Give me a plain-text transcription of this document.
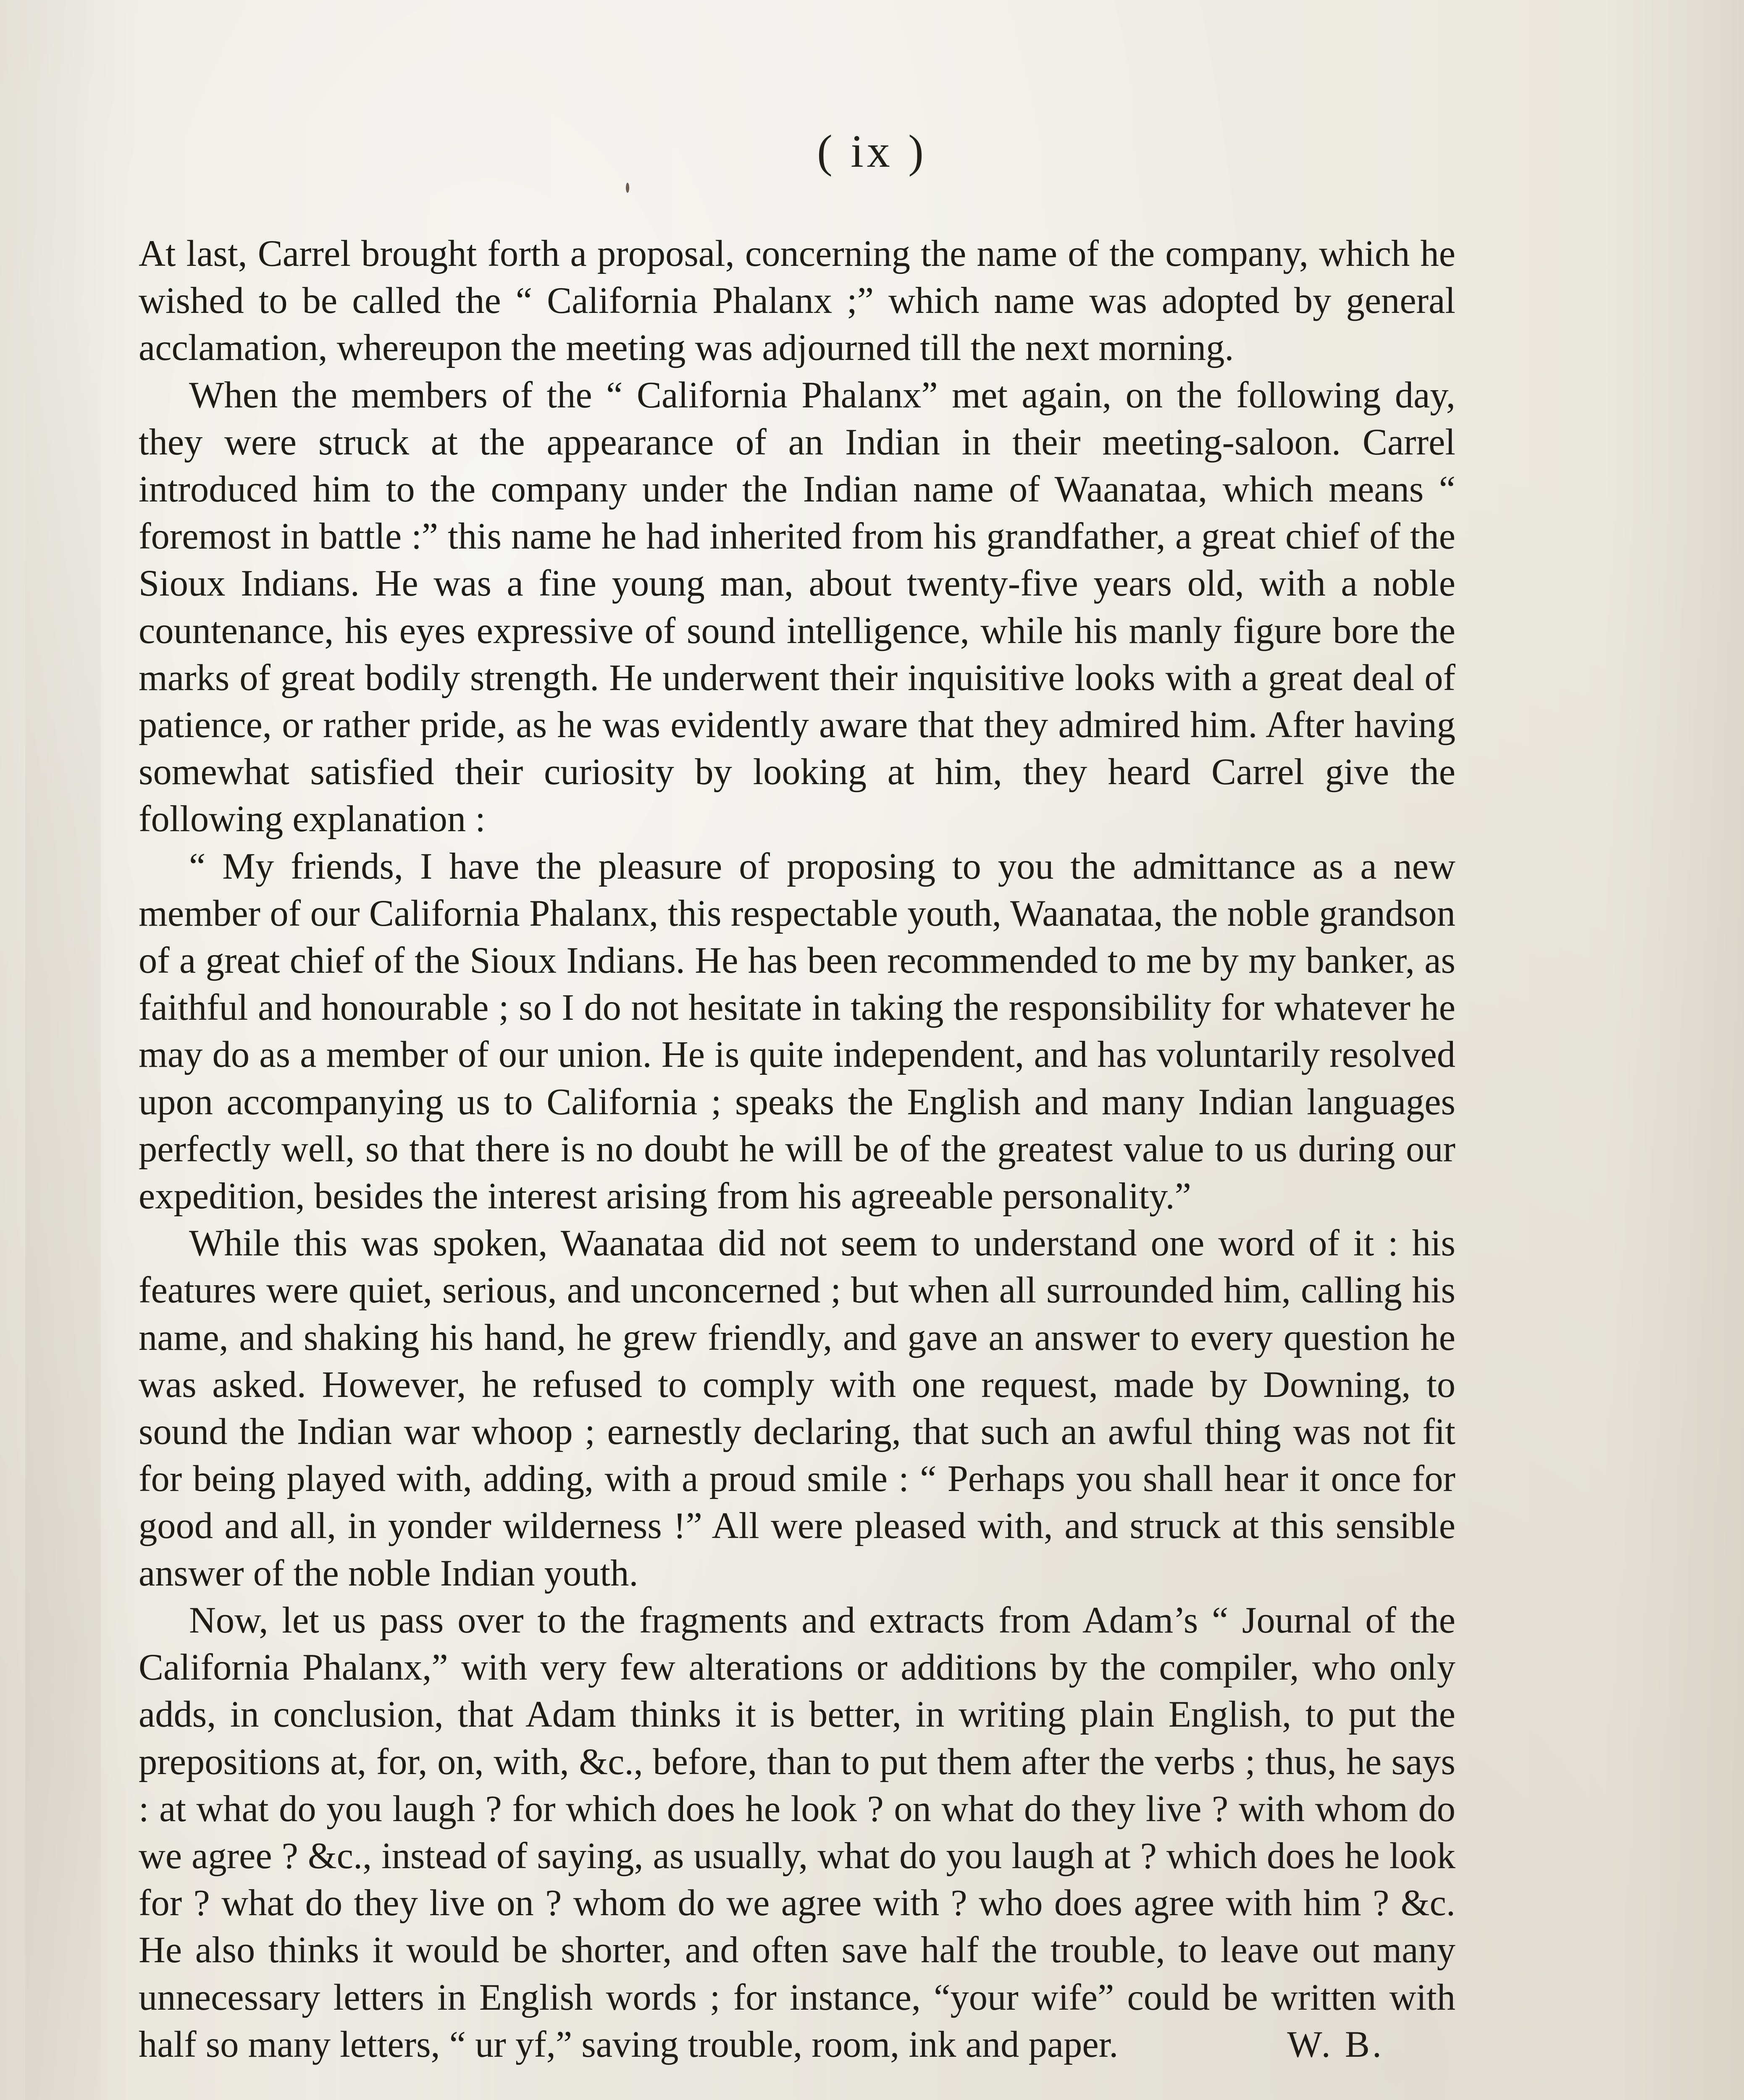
( ix )

At last, Carrel brought forth a proposal, concerning the name of the company, which he wished to be called the “ California Phalanx ;” which name was adopted by general acclamation, whereupon the meeting was adjourned till the next morning.

When the members of the “ California Phalanx” met again, on the following day, they were struck at the appearance of an Indian in their meeting-saloon. Carrel introduced him to the company under the Indian name of Waanataa, which means “ foremost in battle :” this name he had inherited from his grandfather, a great chief of the Sioux Indians. He was a fine young man, about twenty-five years old, with a noble countenance, his eyes expressive of sound intelligence, while his manly figure bore the marks of great bodily strength. He underwent their inquisitive looks with a great deal of patience, or rather pride, as he was evidently aware that they admired him. After having somewhat satisfied their curiosity by looking at him, they heard Carrel give the following explanation :

“ My friends, I have the pleasure of proposing to you the admittance as a new member of our California Phalanx, this respectable youth, Waanataa, the noble grandson of a great chief of the Sioux Indians. He has been recommended to me by my banker, as faithful and honourable ; so I do not hesitate in taking the responsibility for whatever he may do as a member of our union. He is quite independent, and has voluntarily resolved upon accompanying us to California ; speaks the English and many Indian languages perfectly well, so that there is no doubt he will be of the greatest value to us during our expedition, besides the interest arising from his agreeable personality.”

While this was spoken, Waanataa did not seem to understand one word of it : his features were quiet, serious, and unconcerned ; but when all surrounded him, calling his name, and shaking his hand, he grew friendly, and gave an answer to every question he was asked. However, he refused to comply with one request, made by Downing, to sound the Indian war whoop ; earnestly declaring, that such an awful thing was not fit for being played with, adding, with a proud smile : “ Perhaps you shall hear it once for good and all, in yonder wilderness !” All were pleased with, and struck at this sensible answer of the noble Indian youth.

Now, let us pass over to the fragments and extracts from Adam’s “ Journal of the California Phalanx,” with very few alterations or additions by the compiler, who only adds, in conclusion, that Adam thinks it is better, in writing plain English, to put the prepositions at, for, on, with, &c., before, than to put them after the verbs ; thus, he says : at what do you laugh ? for which does he look ? on what do they live ? with whom do we agree ? &c., instead of saying, as usually, what do you laugh at ? which does he look for ? what do they live on ? whom do we agree with ? who does agree with him ? &c. He also thinks it would be shorter, and often save half the trouble, to leave out many unnecessary letters in English words ; for instance, “your wife” could be written with half so many letters, “ ur yf,” saving trouble, room, ink and paper.	W. B.
